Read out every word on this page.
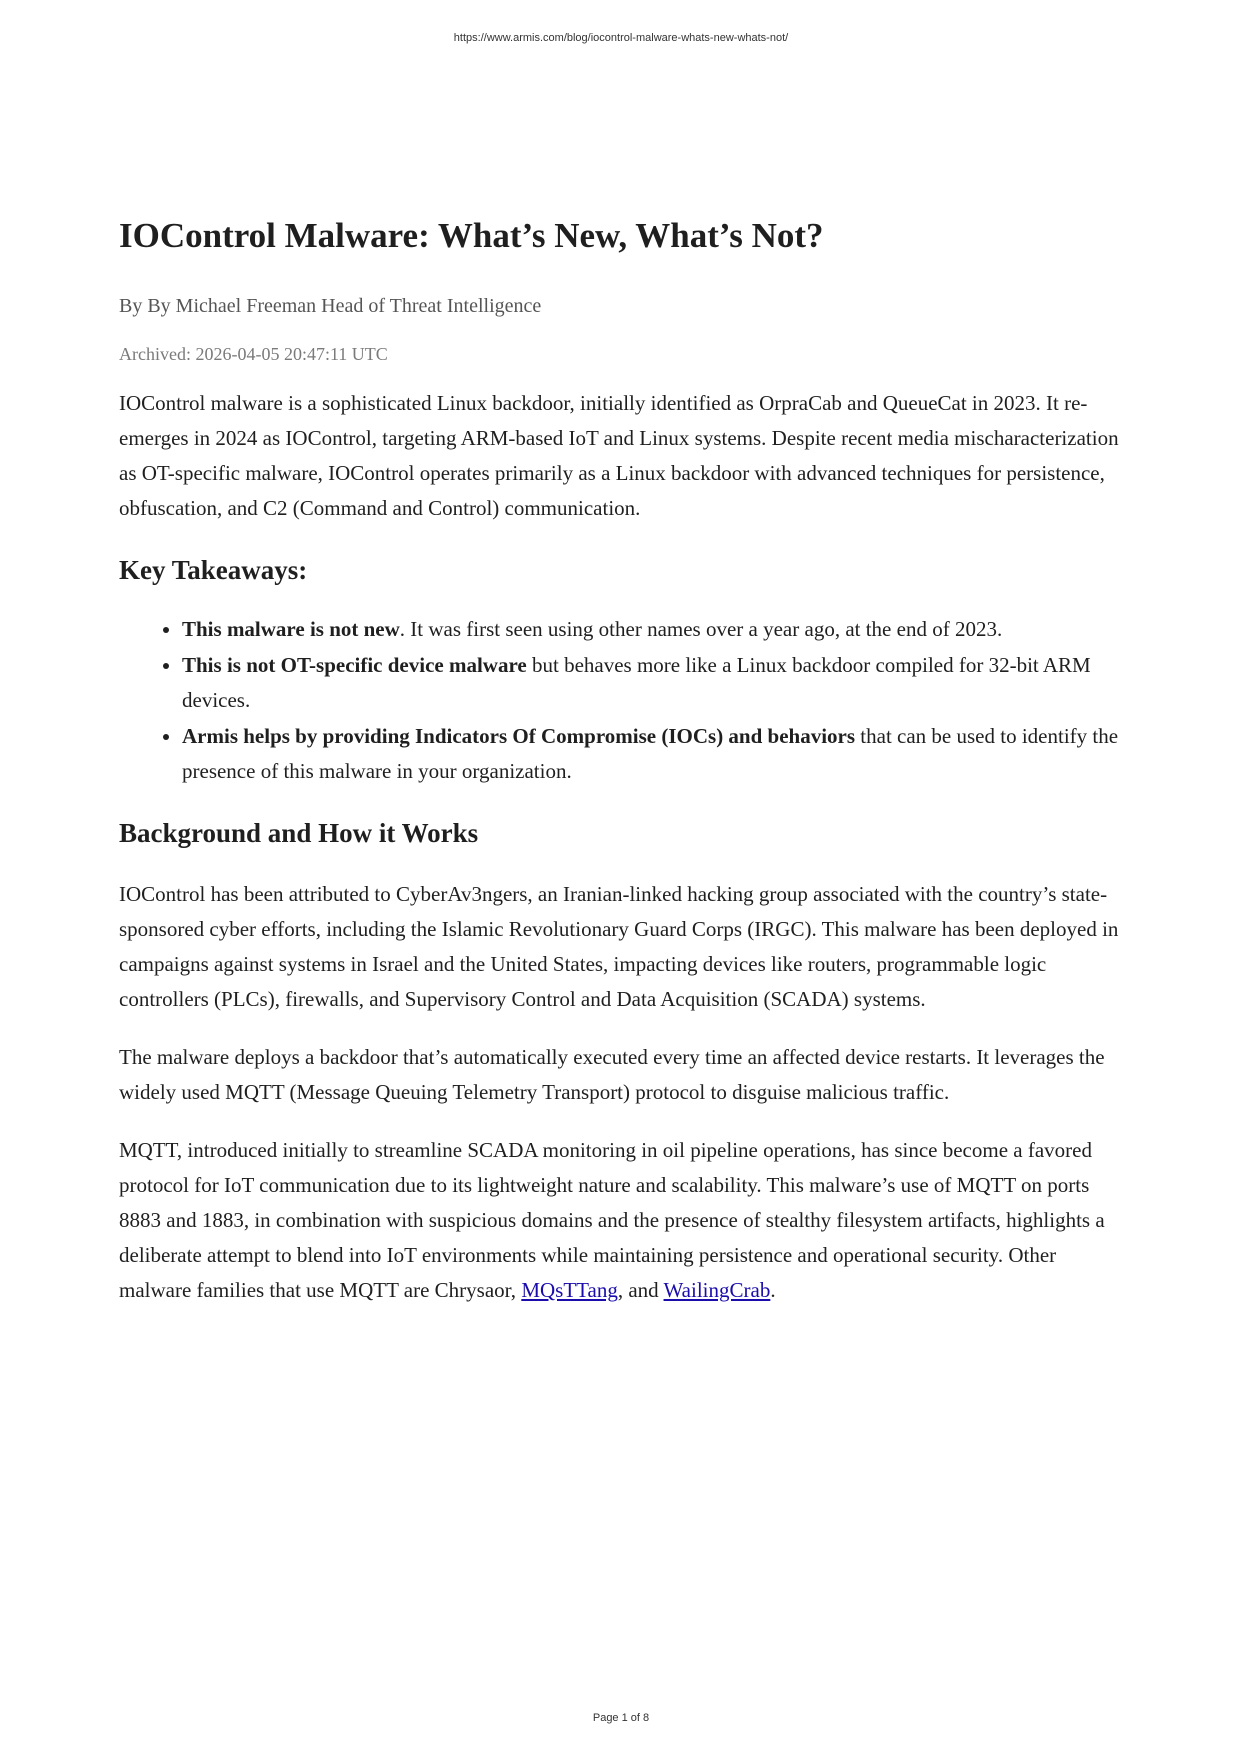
https://www.armis.com/blog/iocontrol-malware-whats-new-whats-not/
IOControl Malware: What’s New, What’s Not?

By By Michael Freeman Head of Threat Intelligence

Archived: 2026-04-05 20:47:11 UTC

IOControl malware is a sophisticated Linux backdoor, initially identified as OrpraCab and QueueCat in 2023. It re-emerges in 2024 as IOControl, targeting ARM-based IoT and Linux systems. Despite recent media mischaracterization as OT-specific malware, IOControl operates primarily as a Linux backdoor with advanced techniques for persistence, obfuscation, and C2 (Command and Control) communication.

Key Takeaways:
• This malware is not new. It was first seen using other names over a year ago, at the end of 2023.
• This is not OT-specific device malware but behaves more like a Linux backdoor compiled for 32-bit ARM devices.
• Armis helps by providing Indicators Of Compromise (IOCs) and behaviors that can be used to identify the presence of this malware in your organization.
Background and How it Works

IOControl has been attributed to CyberAv3ngers, an Iranian-linked hacking group associated with the country’s state-sponsored cyber efforts, including the Islamic Revolutionary Guard Corps (IRGC). This malware has been deployed in campaigns against systems in Israel and the United States, impacting devices like routers, programmable logic controllers (PLCs), firewalls, and Supervisory Control and Data Acquisition (SCADA) systems.

The malware deploys a backdoor that’s automatically executed every time an affected device restarts. It leverages the widely used MQTT (Message Queuing Telemetry Transport) protocol to disguise malicious traffic.

MQTT, introduced initially to streamline SCADA monitoring in oil pipeline operations, has since become a favored protocol for IoT communication due to its lightweight nature and scalability. This malware’s use of MQTT on ports 8883 and 1883, in combination with suspicious domains and the presence of stealthy filesystem artifacts, highlights a deliberate attempt to blend into IoT environments while maintaining persistence and operational security. Other malware families that use MQTT are Chrysaor, MQsTTang, and WailingCrab.

Page 1 of 8
